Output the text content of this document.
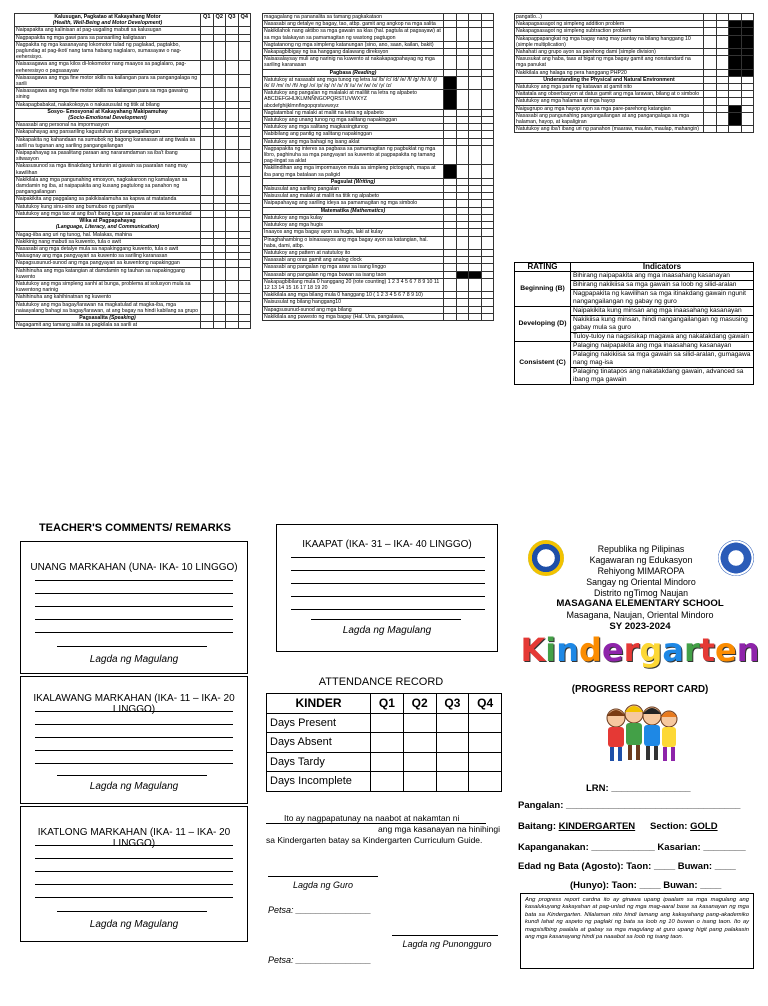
Kalusugan, Pagkatao at Kakayahang Motor
(Health, Well-Being and Motor Development)	Q1	Q2	Q3	Q4
Naipapakita ang kalinisan at pag-uugaling mabuti sa kalusugan				
Nagpapakita ng mga gawi para sa pansariling kaligtasan				
Nagpakita ng mga kasanayang lokomotor tulad ng paglakad, pagtakbo, paglundag at pag-ikot/ nang tama habang naglalaro, sumasayaw o nag-eehersisyo.				
Naisasagawa ang mga kilos di-lokomotor nang maayos sa paglalaro, pag-eeheresisyo o pagsasayaw				
Naisasagawa ang mga fine motor skills na kailangan para sa pangangalaga ng sarili				
Naisasagawa ang mga fine motor skills na kailangan para sa mga gawaing sining				
Nakapagbabakat, nakakokopya o nakasusulat ng titik at bilang				
Sosyo- Emosyonal at Kakayahang Makipamuhay
(Socio-Emotional Development)				

Nasasabi ang personal na impormasyon				
Nakapahayag ang pansariling kagustuhan at pangangailangan				
Nakapakita ng kahandaan na sumubok ng bagong karanasan at ang tiwala sa sarili na tugunan ang sariling pangangailangan				
Naipapahayag sa pasalitang paraan ang nararamdaman sa iba't ibang sitwasyon				
Nakasusunod sa mga itinakdang tuntunin at gawain sa paaralan nang may kawilihan				
Nakikilala ang mga pangunahing emosyon, nagkakaroon ng kamalayan sa damdamin ng iba, at naipapakita ang kusang pagtulong sa panahon ng pangangailangan				
Naipakikita ang paggalang sa pakikisalamuha sa kapwa at matatanda				
Natutukoy kung sinu-sino ang bumubuo ng pamilya				
Natutukoy ang mga tao at ang iba't ibang lugar sa paaralan at sa komunidad				
Wika at Pagpapahayag
(Language, Literacy, and Communication)				

Nagag-iiba ang uri ng tunog, hal. Malakas, mahina				
Nakikinig nang mabuti sa kuwento, tula o awit				
Nasasabi ang mga detalye mula sa napakinggang kuwento, tula o awit				
Naiuugnay ang mga pangyayari sa kuwento sa sariling karanasan				
Napagsusunud-sunod ang mga pangyayari sa kuwentong napakinggan				
Nahihinuha ang mga katangian at damdamin ng tauhan sa napakinggang kuwento				
Natutukoy ang mga simpleng sanhi at bunga, problema at solusyon mula sa kuwentong narinig				
Nahihinuha ang kahihinatnan ng kuwento				
Natutukoy ang mga bagay/larawan na magkatulad at magka-iba, mga naiaayalang bahagi sa bagay/larawan, at ang bagay na hindi kabilang sa grupo				
Pagsasalita (Speaking)				
Nagagamit ang tamang salita sa pagkilala sa sarili at				
magagalang na pananalita sa tamang pagkakataon				
Nasasabi ang detalye ng bagay, tao, atbp. gamit ang angkop na mga salita				
Nakikilahok nang aktibo sa mga gawain sa klas (hal. pagtula at pagsayaw) at sa mga talakayan sa pamamagitan ng wastong pagtugon				
Nagtatanong ng mga simpleng katanungan (sino, ano, saan, kailan, bakit)				
Nakapagbibigay ng isa hanggang dalawang direksyon				
Naisasalaysay muli ang narinig na kuwento at nakakapagpahayag ng mga sariling karanasan				
Pagbasa (Reading)				
Natutukoy at nasasabi ang mga tunog ng letra /a/ /b/ /c/ /d/ /e/ /f/ /g/ /h/ /i/ /j/ /k/ /l/ /m/ /n/ /ñ/ /ng/ /o/ /p/ /q/ /r/ /s/ /t/ /u/ /v/ /w/ /x/ /y/ /z/				
Natutukoy ang pangalan ng malalaki at maliliit na letra ng alpabeto ABCDEFGHIJKLMNÑNGOPQRSTUVWXYZ abcdefghijklmnñngopqrstuvwxyz				
Nagtatambal ng malaki at maliit na letra ng alpabeto				
Natutukoy ang unang tunog ng mga salitang napakinggan				
Natutukoy ang mga salitang magkasingtunog				
Nabibilang ang pantig ng salitang napakinggan				
Natutukoy ang mga bahagi ng isang aklat				
Nagpapakita ng interes sa pagbasa sa pamamagitan ng pagbuklat ng mga libro, paghinuha sa mga pangyayari sa kuwento at pagpapakita ng tamang pag-iingat sa aklat				
Nakilindihan ang mga impormasyon mula sa simpleng pictograph, mapa at iba pang mga batalaan sa paligid				
Pagsulat (Writing)				
Naisusulat ang sariling pangalan				
Naisusulat ang malaki at maliit na titik ng alpabeto				
Naipapahayag ang sariling ideya sa pamamagitan ng mga simbolo				
Matematika (Mathematics)				
Natutukoy ang mga kulay				
Natutukoy ang mga hugis				
Inaayos ang mga bagay ayon sa hugis, laki at kulay				
Pinaghahambing o isinasaayos ang mga bagay ayon sa katangian, hal. haba, dami, atbp.				
Natutukoy ang pattern at natutuloy ito				
Nasasabi ang oras gamit ang analog clock				
Nasasabi ang pangalan ng mga araw sa isang linggo				
Nasasabi ang pangalan ng mga buwan sa isang taon				
Nakapagbibilang mula 0 hanggang 20 (rote counting) 1 2 3 4 5 6 7 8 9 10 11 12 13 14 15 16 17 18 19 20				
Nakikilala ang mga bilang mula 0 hanggang 10 ( 1 2 3 4 5 6 7 8 9 10)				
Naisusulat ng bilang hanggang10				
Napagsusunud-sunod ang mga bilang				
Nakikilala ang puwesto ng mga bagay (Hal. Una, pangalawa,				
pangatlo...)				
Nakapagsasagot ng simpleng addition problem				
Nakapagsasagot ng simpleng subtraction problem				
Nakapagpapangkat ng mga bagay nang may pantay na bilang hanggang 10 (simple multiplication)				
Nahahati ang grupo ayon sa parehong dami (simple division)				
Nasusukat ang haba, taas at bigat ng mga bagay gamit ang nonstandard na mga panukat				
Nakikilala ang halaga ng pera hanggang PHP20				
Understanding the Physical and Natural Environment				
Natutukoy ang mga parte ng katawan at gamit nito				
Naitatala ang obserbasyon at datus gamit ang mga larawan, bilang at o simbolo				
Natutukoy ang mga halaman at mga hayop				
Naigugrupo ang mga hayop ayon sa mga pare-parehong katangian				
Nasasabi ang pangunahing pangangailangan at ang pangangalaga sa mga halaman, hayop, at kapaligiran				
Natutukoy ang iba't ibang uri ng panahon (maaraw, maulan, maulap, mahangin)				
RATING	Indicators
Beginning (B)	Bihirang naipapakita ang mga inaasahang kasanayan
	Bihirang nakikiisa sa mga gawain sa loob ng silid-aralan
	Nagpapakita ng kawilihan sa mga itinakdang gawain ngunit nangangailangan ng gabay ng guro
Developing (D)	Naipakikita kung minsan ang mga inaasahang kasanayan
	Nakikiisa kung minsan, hindi nangangailangan ng masusing gabay mula sa guro
	Tuloy-tuloy na nagsisikap magawa ang nakatakdang gawain
Consistent (C)	Palaging naipapakita ang mga inaasahang kasanayan
	Palaging nakikiisa sa mga gawain sa silid-aralan, gumagawa nang mag-isa
	Palaging tinatapos ang nakatakdang gawain, advanced sa ibang mga gawain
TEACHER'S COMMENTS/ REMARKS
UNANG MARKAHAN (UNA- IKA- 10 LINGGO)
Lagda ng Magulang
IKALAWANG MARKAHAN (IKA- 11 – IKA- 20 LINGGO)
Lagda ng Magulang
IKATLONG MARKAHAN (IKA- 11 – IKA- 20 LINGGO)
Lagda ng Magulang
IKAAPAT (IKA- 31 – IKA- 40 LINGGO)
Lagda ng Magulang
ATTENDANCE RECORD
KINDER	Q1	Q2	Q3	Q4
Days Present				
Days Absent				
Days Tardy				
Days Incomplete				
Ito ay nagpapatunay na naabot at nakamtan ni
ang mga kasanayan na hinihingi sa Kindergarten batay sa Kindergarten Curriculum Guide.
Lagda ng Guro
Petsa: _______________
Lagda ng Punongguro
Petsa: _______________
Republika ng Pilipinas
Kagawaran ng Edukasyon
Rehiyong MIMAROPA
Sangay ng Oriental Mindoro
Distrito ngTimog Naujan
MASAGANA ELEMENTARY SCHOOL
Masagana, Naujan, Oriental Mindoro
SY 2023-2024
Kindergarten
(PROGRESS REPORT CARD)
LRN: _______________
Pangalan: _________________________________
Baitang: KINDERGARTEN Section: GOLD
Kapanganakan: ____________ Kasarian: ________
Edad ng Bata (Agosto): Taon: ____ Buwan: ____
(Hunyo): Taon: ____ Buwan: ____
Ang progress report cardna ito ay ginawa upang ipaalam sa mga magulang ang kasalukuyang kakayahan at pag-unlad ng mga mag-aaral base sa kasanayan ng mga bata sa Kindergarten. Nilalaman nito hindi lamang ang kakayahang pang-akademiko kundi lahat ng aspeto ng paglaki ng bata sa loob ng 10 buwan o isang taon. Ito ay magsisilbing paalala at gabay sa mga magulang at guro upang higit pang palakasin ang mga kasanayang hindi pa naaabot sa loob ng isang taon.
